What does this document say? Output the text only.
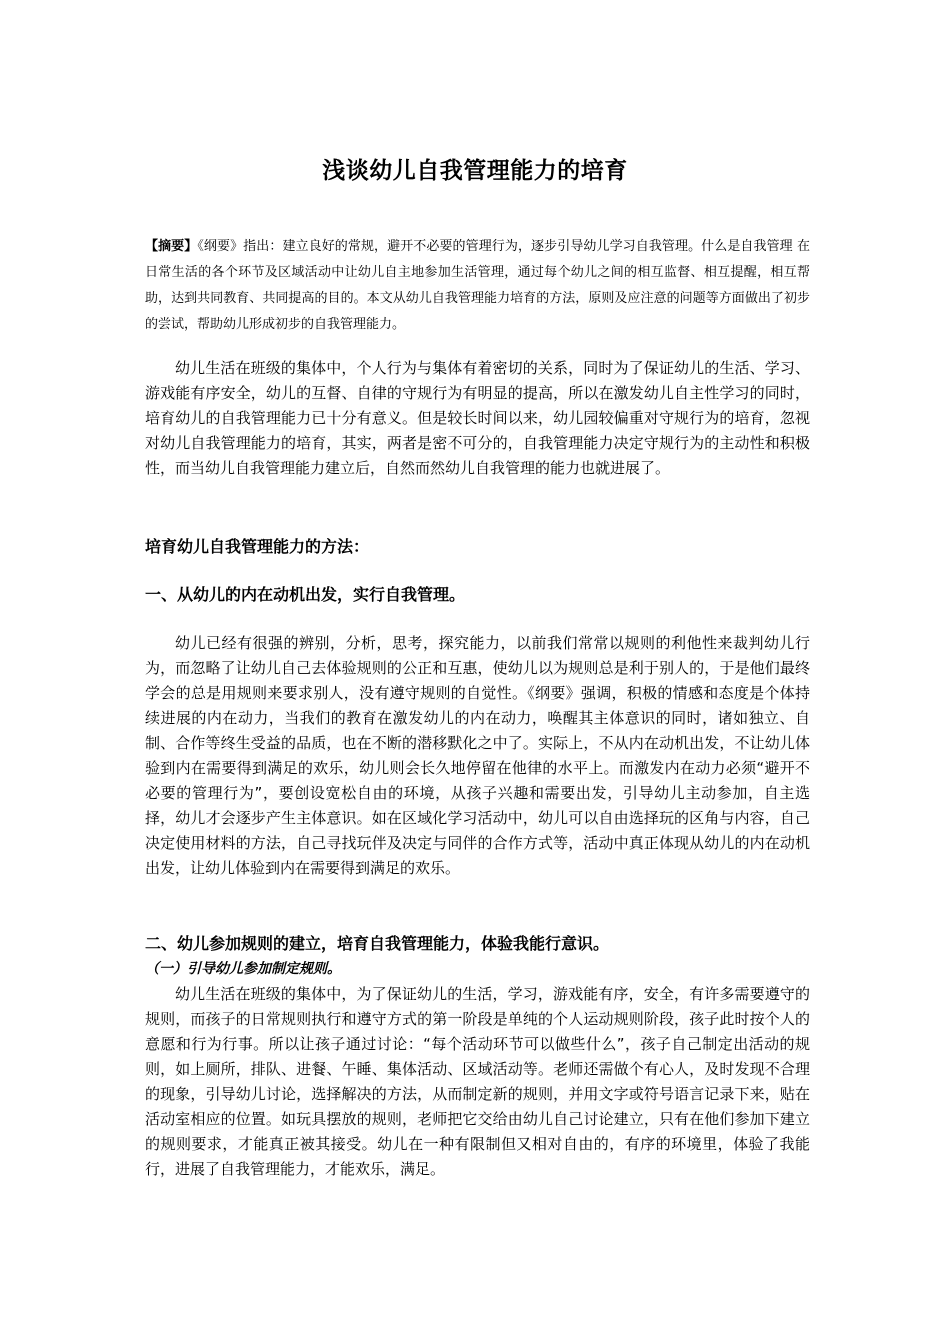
浅谈幼儿自我管理能力的培育

【摘要】《纲要》指出：建立良好的常规，避开不必要的管理行为，逐步引导幼儿学习自我管理。什么是自我管理 在日常生活的各个环节及区域活动中让幼儿自主地参加生活管理，通过每个幼儿之间的相互监督、相互提醒，相互帮助，达到共同教育、共同提高的目的。本文从幼儿自我管理能力培育的方法，原则及应注意的问题等方面做出了初步的尝试，帮助幼儿形成初步的自我管理能力。

幼儿生活在班级的集体中，个人行为与集体有着密切的关系，同时为了保证幼儿的生活、学习、游戏能有序安全，幼儿的互督、自律的守规行为有明显的提高，所以在激发幼儿自主性学习的同时，培育幼儿的自我管理能力已十分有意义。但是较长时间以来，幼儿园较偏重对守规行为的培育，忽视对幼儿自我管理能力的培育，其实，两者是密不可分的，自我管理能力决定守规行为的主动性和积极性，而当幼儿自我管理能力建立后，自然而然幼儿自我管理的能力也就进展了。

培育幼儿自我管理能力的方法：
一、从幼儿的内在动机出发，实行自我管理。

幼儿已经有很强的辨别，分析，思考，探究能力，以前我们常常以规则的利他性来裁判幼儿行为，而忽略了让幼儿自己去体验规则的公正和互惠，使幼儿以为规则总是利于别人的，于是他们最终学会的总是用规则来要求别人，没有遵守规则的自觉性。《纲要》强调，积极的情感和态度是个体持续进展的内在动力，当我们的教育在激发幼儿的内在动力，唤醒其主体意识的同时，诸如独立、自制、合作等终生受益的品质，也在不断的潜移默化之中了。实际上，不从内在动机出发，不让幼儿体验到内在需要得到满足的欢乐，幼儿则会长久地停留在他律的水平上。而激发内在动力必须“避开不必要的管理行为”，要创设宽松自由的环境，从孩子兴趣和需要出发，引导幼儿主动参加，自主选择，幼儿才会逐步产生主体意识。如在区域化学习活动中，幼儿可以自由选择玩的区角与内容，自己决定使用材料的方法，自己寻找玩伴及决定与同伴的合作方式等，活动中真正体现从幼儿的内在动机出发，让幼儿体验到内在需要得到满足的欢乐。

二、幼儿参加规则的建立，培育自我管理能力，体验我能行意识。
（一）引导幼儿参加制定规则。

幼儿生活在班级的集体中，为了保证幼儿的生活，学习，游戏能有序，安全，有许多需要遵守的规则，而孩子的日常规则执行和遵守方式的第一阶段是单纯的个人运动规则阶段，孩子此时按个人的意愿和行为行事。所以让孩子通过讨论：“每个活动环节可以做些什么”，孩子自己制定出活动的规则，如上厕所，排队、进餐、午睡、集体活动、区域活动等。老师还需做个有心人，及时发现不合理的现象，引导幼儿讨论，选择解决的方法，从而制定新的规则，并用文字或符号语言记录下来，贴在活动室相应的位置。如玩具摆放的规则，老师把它交给由幼儿自己讨论建立，只有在他们参加下建立的规则要求，才能真正被其接受。幼儿在一种有限制但又相对自由的，有序的环境里，体验了我能行，进展了自我管理能力，才能欢乐，满足。
